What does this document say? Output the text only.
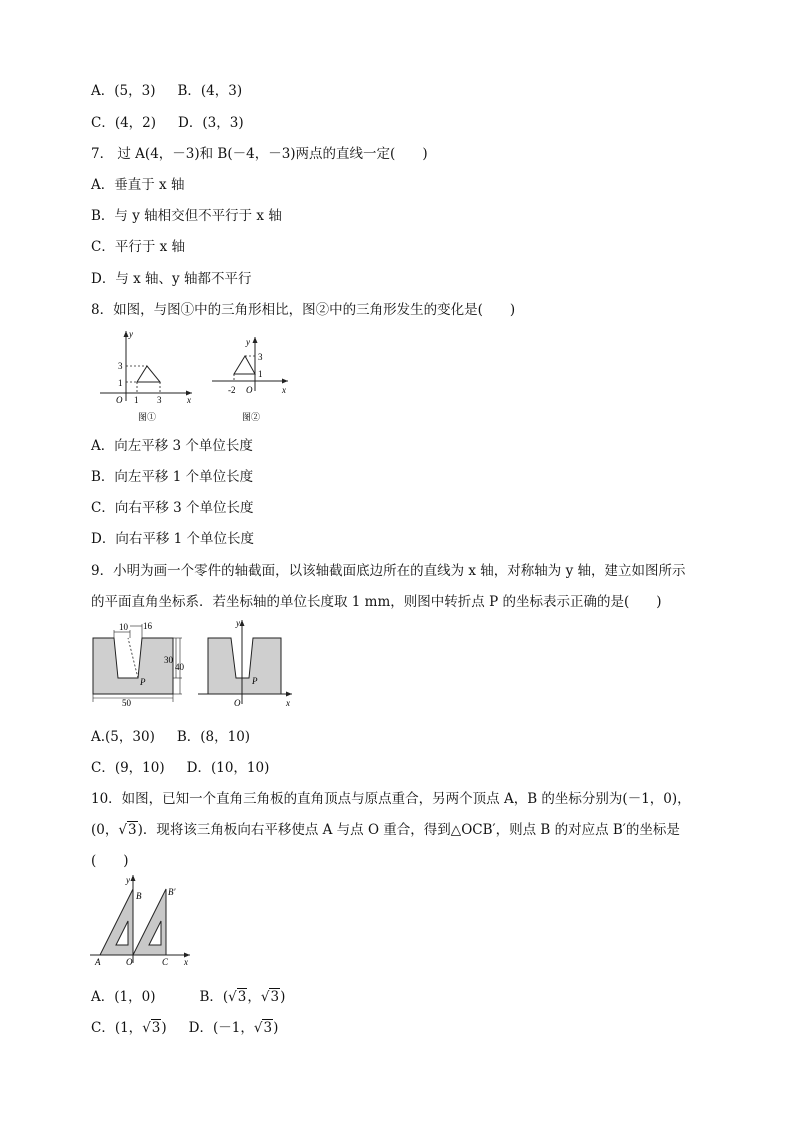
A．(5，3) B．(4，3)
C．(4，2) D．(3，3)
7． 过 A(4，－3)和 B(－4，－3)两点的直线一定(　　)
A．垂直于 x 轴
B．与 y 轴相交但不平行于 x 轴
C．平行于 x 轴
D．与 x 轴、y 轴都不平行
8．如图，与图①中的三角形相比，图②中的三角形发生的变化是(　　)
y
x
O 1 3
3
1
图①
y
x
O
-2
3
1
图②
A．向左平移 3 个单位长度
B．向左平移 1 个单位长度
C．向右平移 3 个单位长度
D．向右平移 1 个单位长度
9．小明为画一个零件的轴截面，以该轴截面底边所在的直线为 x 轴，对称轴为 y 轴，建立如图所示
的平面直角坐标系．若坐标轴的单位长度取 1 mm，则图中转折点 P 的坐标表示正确的是(　　)
10 16
30
40
50
P
y
x
O
P
A.(5，30) B．(8，10)
C．(9，10) D．(10，10)
10．如图，已知一个直角三角板的直角顶点与原点重合，另两个顶点 A，B 的坐标分别为(－1，0)，
(0，√3)．现将该三角板向右平移使点 A 与点 O 重合，得到△OCB′，则点 B 的对应点 B′的坐标是
(　　)
y
x
A	O	C
B	B′
A．(1，0)	B．(√3，√3)
C．(1，√3) D．(－1，√3)
